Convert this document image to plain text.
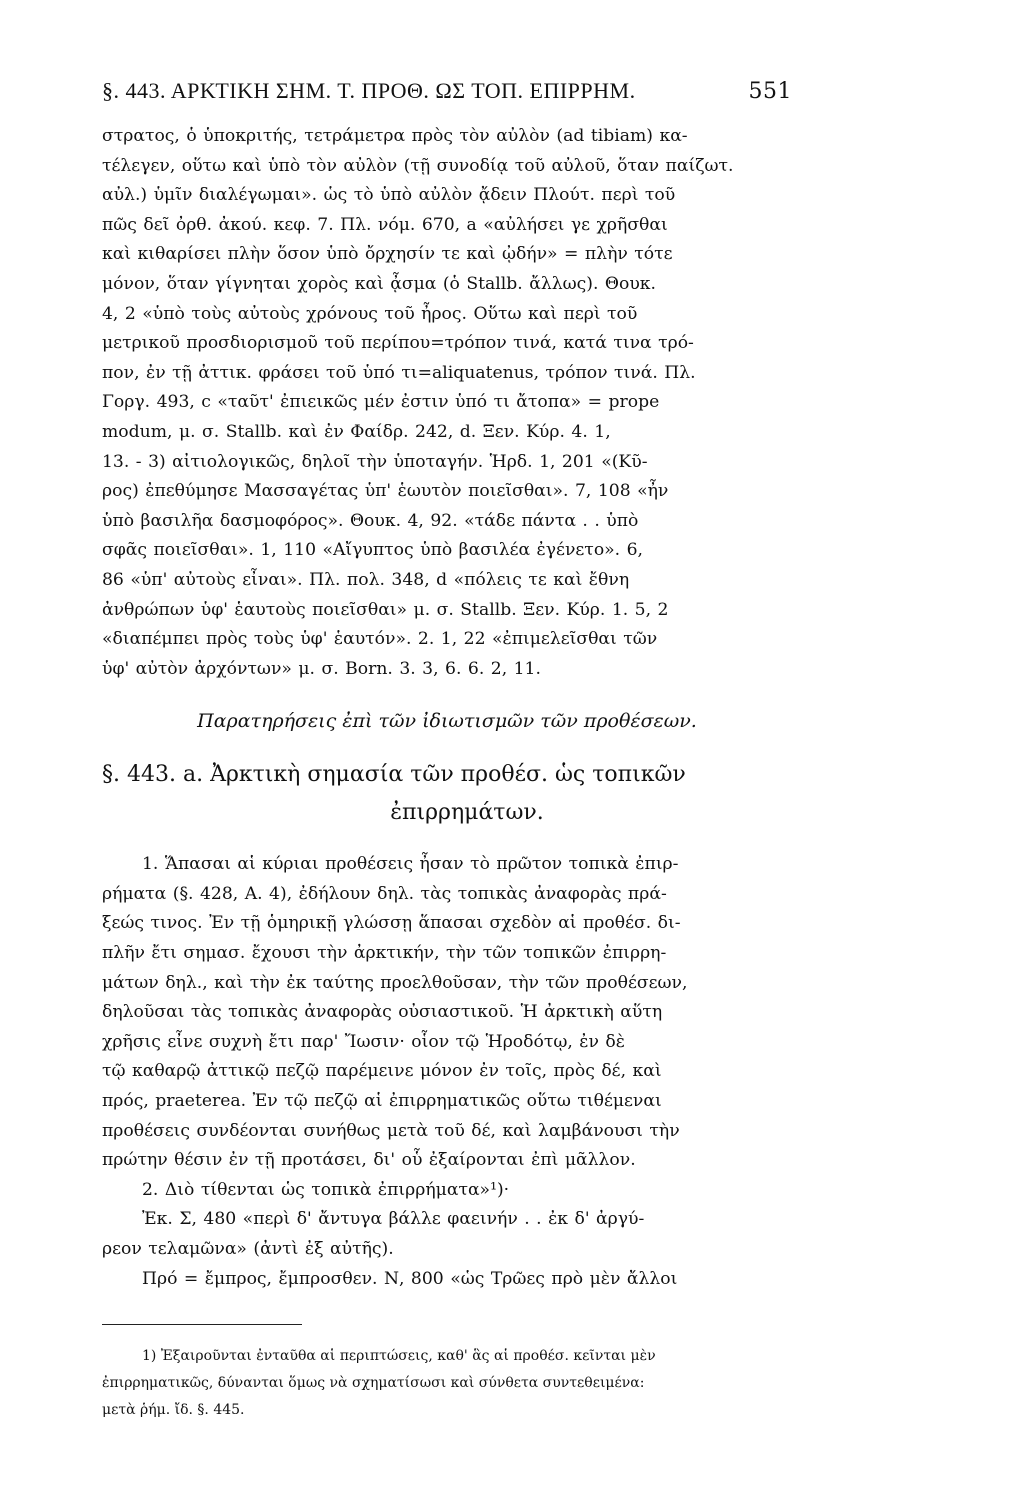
§. 443. ΑΡΚΤΙΚΗ ΣΗΜ. Τ. ΠΡΟΘ. ΩΣ ΤΟΠ. ΕΠΙΡΡΗΜ.	551
στρατος, ὁ ὑποκριτής, τετράμετρα πρὸς τὸν αὐλὸν (ad tibiam) κα-
τέλεγεν, οὕτω καὶ ὑπὸ τὸν αὐλὸν (τῇ συνοδίᾳ τοῦ αὐλοῦ, ὅταν παίζωτ.
αὐλ.) ὑμῖν διαλέγωμαι». ὡς τὸ ὑπὸ αὐλὸν ᾄδειν Πλούτ. περὶ τοῦ
πῶς δεῖ ὀρθ. ἀκού. κεφ. 7. Πλ. νόμ. 670, a «αὐλήσει γε χρῆσθαι
καὶ κιθαρίσει πλὴν ὅσον ὑπὸ ὄρχησίν τε καὶ ᾠδήν» = πλὴν τότε
μόνον, ὅταν γίγνηται χορὸς καὶ ᾆσμα (ὁ Stallb. ἄλλως). Θουκ.
4, 2 «ὑπὸ τοὺς αὐτοὺς χρόνους τοῦ ἦρος. Οὕτω καὶ περὶ τοῦ
μετρικοῦ προσδιορισμοῦ τοῦ περίπου=τρόπον τινά, κατά τινα τρό-
πον, ἐν τῇ ἀττικ. φράσει τοῦ ὑπό τι=aliquatenus, τρόπον τινά. Πλ.
Γοργ. 493, c «ταῦτ' ἐπιεικῶς μέν ἐστιν ὑπό τι ἄτοπα» = prope
modum, μ. σ. Stallb. καὶ ἐν Φαίδρ. 242, d. Ξεν. Κύρ. 4. 1,
13. - 3) αἰτιολογικῶς, δηλοῖ τὴν ὑποταγήν. Ἡρδ. 1, 201 «(Κῦ-
ρος) ἐπεθύμησε Μασσαγέτας ὑπ' ἑωυτὸν ποιεῖσθαι». 7, 108 «ἦν
ὑπὸ βασιλῆα δασμοφόρος». Θουκ. 4, 92. «τάδε πάντα . . ὑπὸ
σφᾶς ποιεῖσθαι». 1, 110 «Αἴγυπτος ὑπὸ βασιλέα ἐγένετο». 6,
86 «ὑπ' αὐτοὺς εἶναι». Πλ. πολ. 348, d «πόλεις τε καὶ ἔθνη
ἀνθρώπων ὑφ' ἑαυτοὺς ποιεῖσθαι» μ. σ. Stallb. Ξεν. Κύρ. 1. 5, 2
«διαπέμπει πρὸς τοὺς ὑφ' ἑαυτόν». 2. 1, 22 «ἐπιμελεῖσθαι τῶν
ὑφ' αὐτὸν ἀρχόντων» μ. σ. Born. 3. 3, 6. 6. 2, 11.
Παρατηρήσεις ἐπὶ τῶν ἰδιωτισμῶν τῶν προθέσεων.
§. 443. a. Ἀρκτικὴ σημασία τῶν προθέσ. ὡς τοπικῶν
ἐπιρρημάτων.
1. Ἅπασαι αἱ κύριαι προθέσεις ἦσαν τὸ πρῶτον τοπικὰ ἐπιρ-
ρήματα (§. 428, A. 4), ἐδήλουν δηλ. τὰς τοπικὰς ἀναφορὰς πρά-
ξεώς τινος. Ἐν τῇ ὁμηρικῇ γλώσσῃ ἅπασαι σχεδὸν αἱ προθέσ. δι-
πλῆν ἔτι σημασ. ἔχουσι τὴν ἀρκτικήν, τὴν τῶν τοπικῶν ἐπιρρη-
μάτων δηλ., καὶ τὴν ἐκ ταύτης προελθοῦσαν, τὴν τῶν προθέσεων,
δηλοῦσαι τὰς τοπικὰς ἀναφορὰς οὐσιαστικοῦ. Ἡ ἀρκτικὴ αὕτη
χρῆσις εἶνε συχνὴ ἔτι παρ' Ἴωσιν· οἷον τῷ Ἡροδότῳ, ἐν δὲ
τῷ καθαρῷ ἀττικῷ πεζῷ παρέμεινε μόνον ἐν τοῖς, πρὸς δέ, καὶ
πρός, praeterea. Ἐν τῷ πεζῷ αἱ ἐπιρρηματικῶς οὕτω τιθέμεναι
προθέσεις συνδέονται συνήθως μετὰ τοῦ δέ, καὶ λαμβάνουσι τὴν
πρώτην θέσιν ἐν τῇ προτάσει, δι' οὗ ἐξαίρονται ἐπὶ μᾶλλον.
2. Διὸ τίθενται ὡς τοπικὰ ἐπιρρήματα»¹)·
Ἐκ. Σ, 480 «περὶ δ' ἄντυγα βάλλε φαεινήν . . ἐκ δ' ἀργύ-
ρεον τελαμῶνα» (ἀντὶ ἐξ αὐτῆς).
Πρό = ἔμπρος, ἔμπροσθεν. Ν, 800 «ὡς Τρῶες πρὸ μὲν ἄλλοι
1) Ἐξαιροῦνται ἐνταῦθα αἱ περιπτώσεις, καθ' ἃς αἱ προθέσ. κεῖνται μὲν
ἐπιρρηματικῶς, δύνανται ὅμως νὰ σχηματίσωσι καὶ σύνθετα συντεθειμένα:
μετὰ ῥήμ. ἴδ. §. 445.
